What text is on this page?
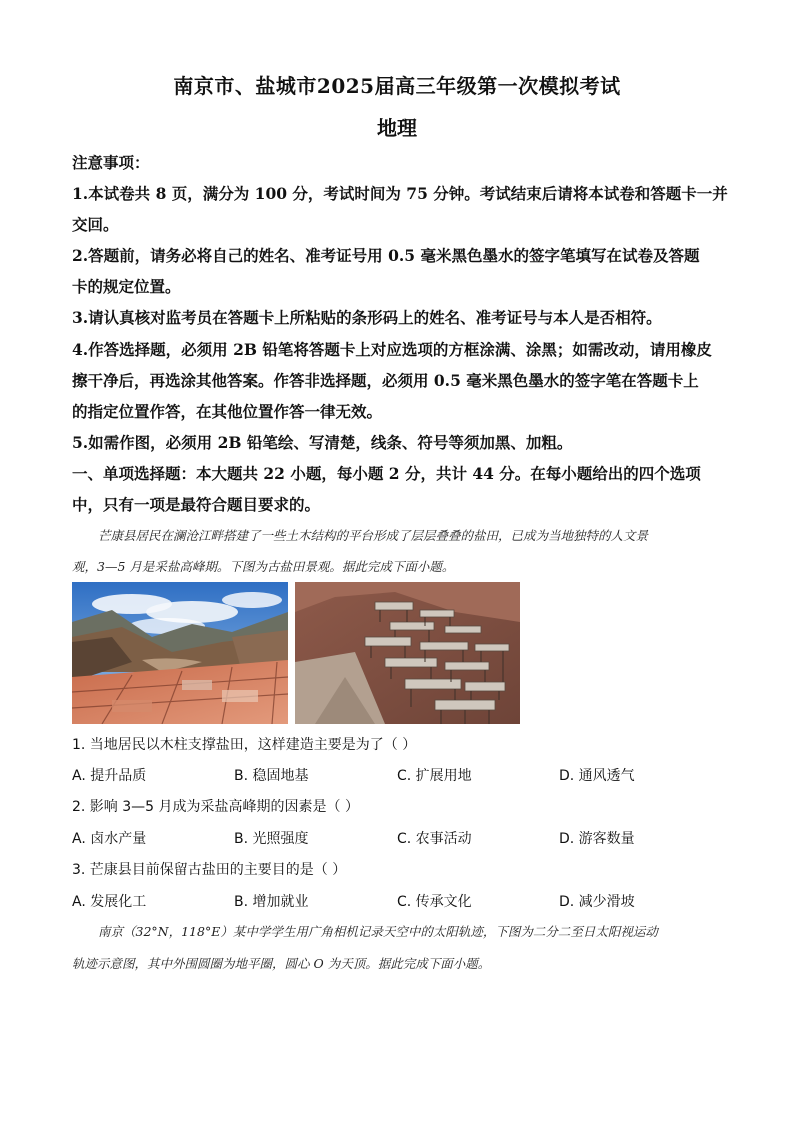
南京市、盐城市2025届高三年级第一次模拟考试
地理
注意事项：
1.本试卷共 8 页，满分为 100 分，考试时间为 75 分钟。考试结束后请将本试卷和答题卡一并
交回。
2.答题前，请务必将自己的姓名、准考证号用 0.5 毫米黑色墨水的签字笔填写在试卷及答题
卡的规定位置。
3.请认真核对监考员在答题卡上所粘贴的条形码上的姓名、准考证号与本人是否相符。
4.作答选择题，必须用 2B 铅笔将答题卡上对应选项的方框涂满、涂黑；如需改动，请用橡皮
擦干净后，再选涂其他答案。作答非选择题，必须用 0.5 毫米黑色墨水的签字笔在答题卡上
的指定位置作答，在其他位置作答一律无效。
5.如需作图，必须用 2B 铅笔绘、写清楚，线条、符号等须加黑、加粗。
一、单项选择题：本大题共 22 小题，每小题 2 分，共计 44 分。在每小题给出的四个选项
中，只有一项是最符合题目要求的。
芒康县居民在澜沧江畔搭建了一些土木结构的平台形成了层层叠叠的盐田，已成为当地独特的人文景
观，3—5 月是采盐高峰期。下图为古盐田景观。据此完成下面小题。
1. 当地居民以木柱支撑盐田，这样建造主要是为了（ ）
A. 提升品质	B. 稳固地基	C. 扩展用地	D. 通风透气
2. 影响 3—5 月成为采盐高峰期的因素是（ ）
A. 卤水产量	B. 光照强度	C. 农事活动	D. 游客数量
3. 芒康县目前保留古盐田的主要目的是（ ）
A. 发展化工	B. 增加就业	C. 传承文化	D. 减少滑坡
南京（32°N，118°E）某中学学生用广角相机记录天空中的太阳轨迹，下图为二分二至日太阳视运动
轨迹示意图，其中外围圆圈为地平圈，圆心 O 为天顶。据此完成下面小题。
